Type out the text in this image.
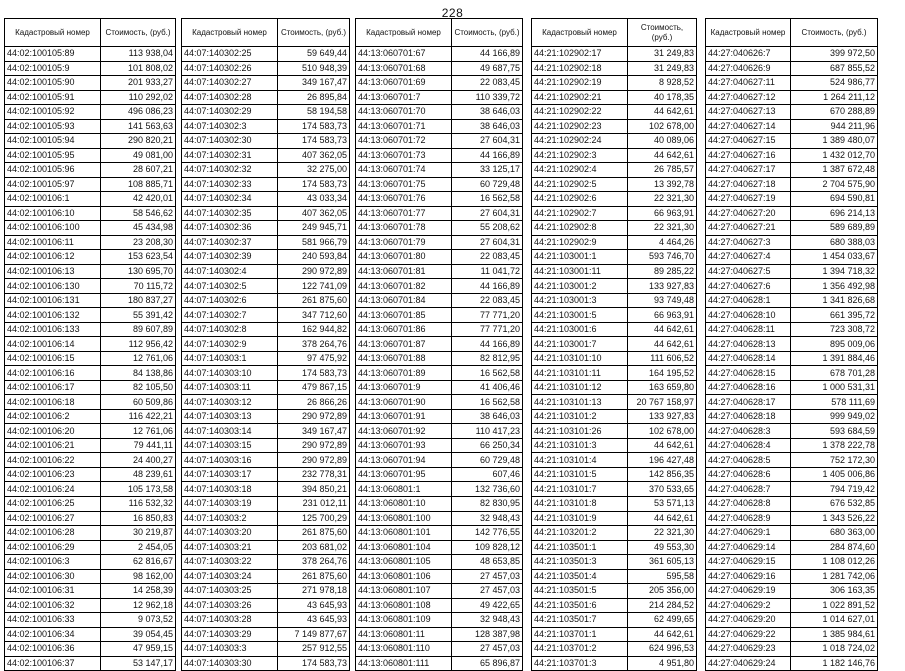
228
Кадастровый номер	Стоимость, (руб.)
44:02:100105:89	113 938,04
44:02:100105:9	101 808,02
44:02:100105:90	201 933,27
44:02:100105:91	110 292,02
44:02:100105:92	496 086,23
44:02:100105:93	141 563,63
44:02:100105:94	290 820,21
44:02:100105:95	49 081,00
44:02:100105:96	28 607,21
44:02:100105:97	108 885,71
44:02:100106:1	42 420,01
44:02:100106:10	58 546,62
44:02:100106:100	45 434,98
44:02:100106:11	23 208,30
44:02:100106:12	153 623,54
44:02:100106:13	130 695,70
44:02:100106:130	70 115,72
44:02:100106:131	180 837,27
44:02:100106:132	55 391,42
44:02:100106:133	89 607,89
44:02:100106:14	112 956,42
44:02:100106:15	12 761,06
44:02:100106:16	84 138,86
44:02:100106:17	82 105,50
44:02:100106:18	60 509,86
44:02:100106:2	116 422,21
44:02:100106:20	12 761,06
44:02:100106:21	79 441,11
44:02:100106:22	24 400,27
44:02:100106:23	48 239,61
44:02:100106:24	105 173,58
44:02:100106:25	116 532,32
44:02:100106:27	16 850,83
44:02:100106:28	30 219,87
44:02:100106:29	2 454,05
44:02:100106:3	62 816,67
44:02:100106:30	98 162,00
44:02:100106:31	14 258,39
44:02:100106:32	12 962,18
44:02:100106:33	9 073,52
44:02:100106:34	39 054,45
44:02:100106:36	47 959,15
44:02:100106:37	53 147,17
Кадастровый номер	Стоимость, (руб.)
44:07:140302:25	59 649,44
44:07:140302:26	510 948,39
44:07:140302:27	349 167,47
44:07:140302:28	26 895,84
44:07:140302:29	58 194,58
44:07:140302:3	174 583,73
44:07:140302:30	174 583,73
44:07:140302:31	407 362,05
44:07:140302:32	32 275,00
44:07:140302:33	174 583,73
44:07:140302:34	43 033,34
44:07:140302:35	407 362,05
44:07:140302:36	249 945,71
44:07:140302:37	581 966,79
44:07:140302:39	240 593,84
44:07:140302:4	290 972,89
44:07:140302:5	122 741,09
44:07:140302:6	261 875,60
44:07:140302:7	347 712,60
44:07:140302:8	162 944,82
44:07:140302:9	378 264,76
44:07:140303:1	97 475,92
44:07:140303:10	174 583,73
44:07:140303:11	479 867,15
44:07:140303:12	26 866,26
44:07:140303:13	290 972,89
44:07:140303:14	349 167,47
44:07:140303:15	290 972,89
44:07:140303:16	290 972,89
44:07:140303:17	232 778,31
44:07:140303:18	394 850,21
44:07:140303:19	231 012,11
44:07:140303:2	125 700,29
44:07:140303:20	261 875,60
44:07:140303:21	203 681,02
44:07:140303:22	378 264,76
44:07:140303:24	261 875,60
44:07:140303:25	271 978,18
44:07:140303:26	43 645,93
44:07:140303:28	43 645,93
44:07:140303:29	7 149 877,67
44:07:140303:3	257 912,55
44:07:140303:30	174 583,73
Кадастровый номер	Стоимость, (руб.)
44:13:060701:67	44 166,89
44:13:060701:68	49 687,75
44:13:060701:69	22 083,45
44:13:060701:7	110 339,72
44:13:060701:70	38 646,03
44:13:060701:71	38 646,03
44:13:060701:72	27 604,31
44:13:060701:73	44 166,89
44:13:060701:74	33 125,17
44:13:060701:75	60 729,48
44:13:060701:76	16 562,58
44:13:060701:77	27 604,31
44:13:060701:78	55 208,62
44:13:060701:79	27 604,31
44:13:060701:80	22 083,45
44:13:060701:81	11 041,72
44:13:060701:82	44 166,89
44:13:060701:84	22 083,45
44:13:060701:85	77 771,20
44:13:060701:86	77 771,20
44:13:060701:87	44 166,89
44:13:060701:88	82 812,95
44:13:060701:89	16 562,58
44:13:060701:9	41 406,46
44:13:060701:90	16 562,58
44:13:060701:91	38 646,03
44:13:060701:92	110 417,23
44:13:060701:93	66 250,34
44:13:060701:94	60 729,48
44:13:060701:95	607,46
44:13:060801:1	132 736,60
44:13:060801:10	82 830,95
44:13:060801:100	32 948,43
44:13:060801:101	142 776,55
44:13:060801:104	109 828,12
44:13:060801:105	48 653,85
44:13:060801:106	27 457,03
44:13:060801:107	27 457,03
44:13:060801:108	49 422,65
44:13:060801:109	32 948,43
44:13:060801:11	128 387,98
44:13:060801:110	27 457,03
44:13:060801:111	65 896,87
Кадастровый номер	Стоимость, (руб.)
44:21:102902:17	31 249,83
44:21:102902:18	31 249,83
44:21:102902:19	8 928,52
44:21:102902:21	40 178,35
44:21:102902:22	44 642,61
44:21:102902:23	102 678,00
44:21:102902:24	40 089,06
44:21:102902:3	44 642,61
44:21:102902:4	26 785,57
44:21:102902:5	13 392,78
44:21:102902:6	22 321,30
44:21:102902:7	66 963,91
44:21:102902:8	22 321,30
44:21:102902:9	4 464,26
44:21:103001:1	593 746,70
44:21:103001:11	89 285,22
44:21:103001:2	133 927,83
44:21:103001:3	93 749,48
44:21:103001:5	66 963,91
44:21:103001:6	44 642,61
44:21:103001:7	44 642,61
44:21:103101:10	111 606,52
44:21:103101:11	164 195,52
44:21:103101:12	163 659,80
44:21:103101:13	20 767 158,97
44:21:103101:2	133 927,83
44:21:103101:26	102 678,00
44:21:103101:3	44 642,61
44:21:103101:4	196 427,48
44:21:103101:5	142 856,35
44:21:103101:7	370 533,65
44:21:103101:8	53 571,13
44:21:103101:9	44 642,61
44:21:103201:2	22 321,30
44:21:103501:1	49 553,30
44:21:103501:3	361 605,13
44:21:103501:4	595,58
44:21:103501:5	205 356,00
44:21:103501:6	214 284,52
44:21:103501:7	62 499,65
44:21:103701:1	44 642,61
44:21:103701:2	624 996,53
44:21:103701:3	4 951,80
Кадастровый номер	Стоимость, (руб.)
44:27:040626:7	399 972,50
44:27:040626:9	687 855,52
44:27:040627:11	524 986,77
44:27:040627:12	1 264 211,12
44:27:040627:13	670 288,89
44:27:040627:14	944 211,96
44:27:040627:15	1 389 480,07
44:27:040627:16	1 432 012,70
44:27:040627:17	1 387 672,48
44:27:040627:18	2 704 575,90
44:27:040627:19	694 590,81
44:27:040627:20	696 214,13
44:27:040627:21	589 689,89
44:27:040627:3	680 388,03
44:27:040627:4	1 454 033,67
44:27:040627:5	1 394 718,32
44:27:040627:6	1 356 492,98
44:27:040628:1	1 341 826,68
44:27:040628:10	661 395,72
44:27:040628:11	723 308,72
44:27:040628:13	895 009,06
44:27:040628:14	1 391 884,46
44:27:040628:15	678 701,28
44:27:040628:16	1 000 531,31
44:27:040628:17	578 111,69
44:27:040628:18	999 949,02
44:27:040628:3	593 684,59
44:27:040628:4	1 378 222,78
44:27:040628:5	752 172,30
44:27:040628:6	1 405 006,86
44:27:040628:7	794 719,42
44:27:040628:8	676 532,85
44:27:040628:9	1 343 526,22
44:27:040629:1	680 363,00
44:27:040629:14	284 874,60
44:27:040629:15	1 108 012,26
44:27:040629:16	1 281 742,06
44:27:040629:19	306 163,35
44:27:040629:2	1 022 891,52
44:27:040629:20	1 014 627,01
44:27:040629:22	1 385 984,61
44:27:040629:23	1 018 724,02
44:27:040629:24	1 182 146,76
